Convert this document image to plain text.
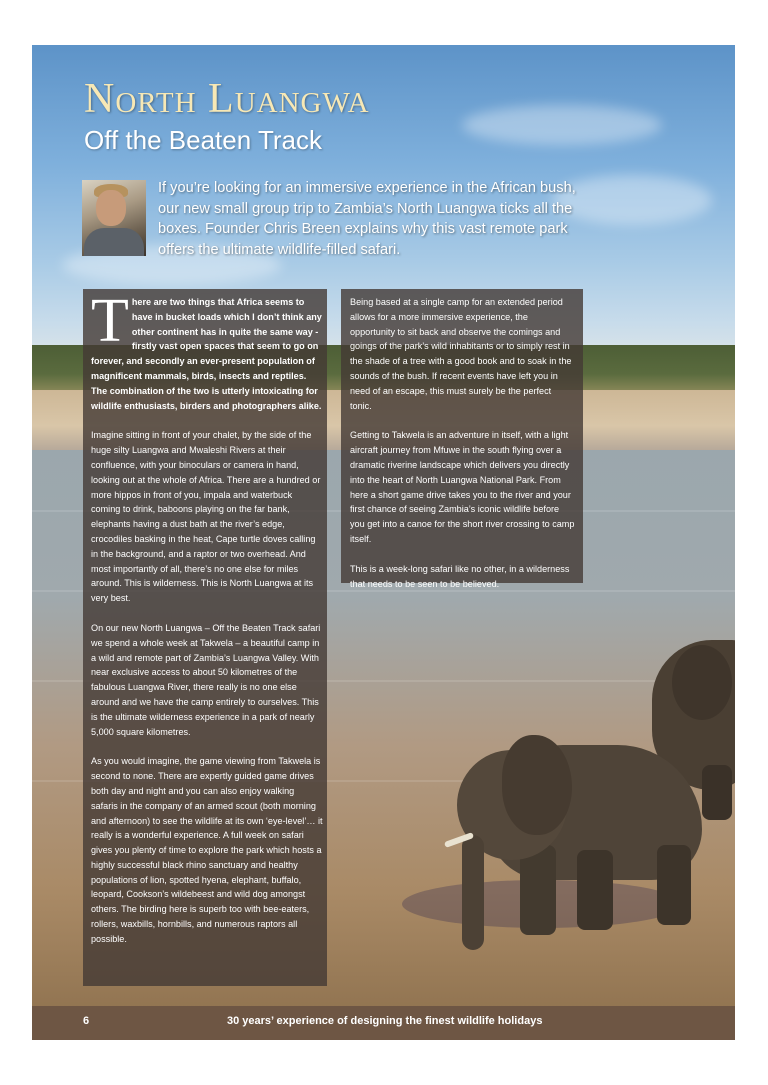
North Luangwa
Off the Beaten Track

If you’re looking for an immersive experience in the African bush, our new small group trip to Zambia’s North Luangwa ticks all the boxes. Founder Chris Breen explains why this vast remote park offers the ultimate wildlife-filled safari.

There are two things that Africa seems to have in bucket loads which I don’t think any other continent has in quite the same way - firstly vast open spaces that seem to go on forever, and secondly an ever-present population of magnificent mammals, birds, insects and reptiles. The combination of the two is utterly intoxicating for wildlife enthusiasts, birders and photographers alike.

Imagine sitting in front of your chalet, by the side of the huge silty Luangwa and Mwaleshi Rivers at their confluence, with your binoculars or camera in hand, looking out at the whole of Africa. There are a hundred or more hippos in front of you, impala and waterbuck coming to drink, baboons playing on the far bank, elephants having a dust bath at the river’s edge, crocodiles basking in the heat, Cape turtle doves calling in the background, and a raptor or two overhead. And most importantly of all, there’s no one else for miles around. This is wilderness. This is North Luangwa at its very best.

On our new North Luangwa – Off the Beaten Track safari we spend a whole week at Takwela – a beautiful camp in a wild and remote part of Zambia’s Luangwa Valley. With near exclusive access to about 50 kilometres of the fabulous Luangwa River, there really is no one else around and we have the camp entirely to ourselves. This is the ultimate wilderness experience in a park of nearly 5,000 square kilometres.

As you would imagine, the game viewing from Takwela is second to none. There are expertly guided game drives both day and night and you can also enjoy walking safaris in the company of an armed scout (both morning and afternoon) to see the wildlife at its own ‘eye-level’… it really is a wonderful experience. A full week on safari gives you plenty of time to explore the park which hosts a highly successful black rhino sanctuary and healthy populations of lion, spotted hyena, elephant, buffalo, leopard, Cookson’s wildebeest and wild dog amongst others. The birding here is superb too with bee-eaters, rollers, waxbills, hornbills, and numerous raptors all possible.

Being based at a single camp for an extended period allows for a more immersive experience, the opportunity to sit back and observe the comings and goings of the park’s wild inhabitants or to simply rest in the shade of a tree with a good book and to soak in the sounds of the bush. If recent events have left you in need of an escape, this must surely be the perfect tonic.

Getting to Takwela is an adventure in itself, with a light aircraft journey from Mfuwe in the south flying over a dramatic riverine landscape which delivers you directly into the heart of North Luangwa National Park. From here a short game drive takes you to the river and your first chance of seeing Zambia’s iconic wildlife before you get into a canoe for the short river crossing to camp itself.

This is a week-long safari like no other, in a wilderness that needs to be seen to be believed.

6	30 years’ experience of designing the finest wildlife holidays
